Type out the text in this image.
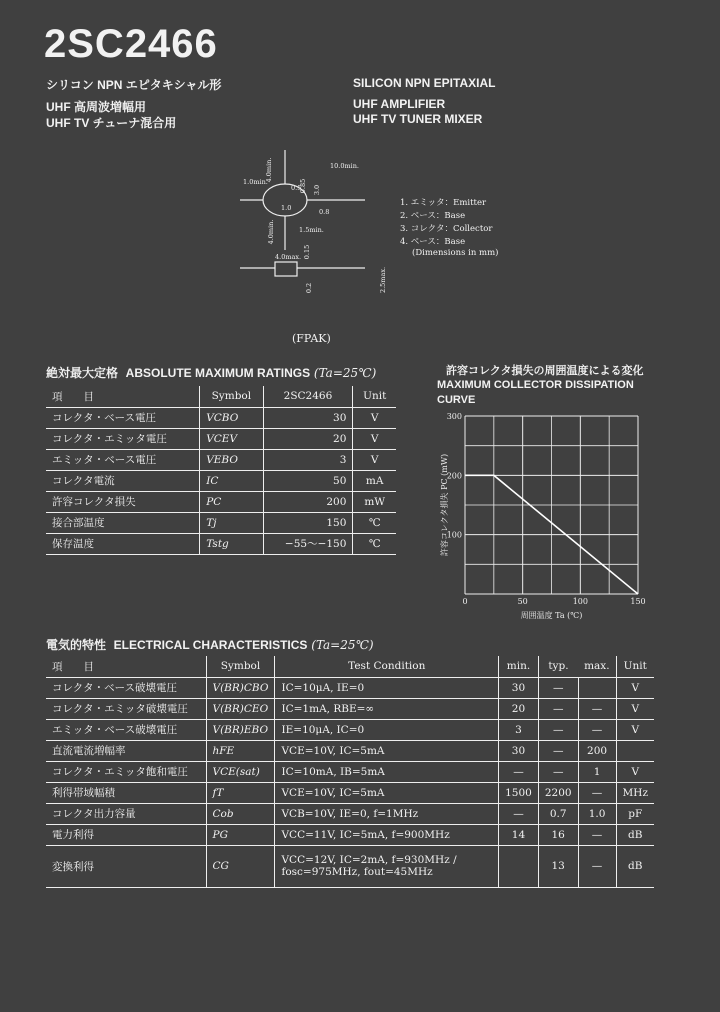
2SC2466
シリコン NPN エピタキシャル形
UHF 高周波増幅用
UHF TV チューナ混合用
SILICON NPN EPITAXIAL
UHF AMPLIFIER
UHF TV TUNER MIXER
10.0min.
4.0min.
1.0min.
4.0min.	1.5min.
4.0max.
2.5max.
0.5
0.85 3.0
0.8
0.15
1.0
0.2
1. エミッタ：Emitter
2. ベース：Base
3. コレクタ：Collector
4. ベース：Base
(Dimensions in mm)
(FPAK)
絶対最大定格 ABSOLUTE MAXIMUM RATINGS (Ta=25℃)
項　　目	Symbol	2SC2466	Unit
コレクタ・ベース電圧	VCBO	30	V
コレクタ・エミッタ電圧	VCEV	20	V
エミッタ・ベース電圧	VEBO	3	V
コレクタ電流	IC	50	mA
許容コレクタ損失	PC	200	mW
接合部温度	Tj	150	℃
保存温度	Tstg	−55～−150	℃
許容コレクタ損失の周囲温度による変化
MAXIMUM COLLECTOR DISSIPATION CURVE
0	50	100	150
100
200
300
周囲温度 Ta (℃)
許容コレクタ損失 PC (mW)
電気的特性 ELECTRICAL CHARACTERISTICS (Ta=25℃)
項　　目	Symbol	Test Condition	min.	typ.	max.	Unit
コレクタ・ベース破壊電圧	V(BR)CBO	IC=10μA, IE=0	30	—		V
コレクタ・エミッタ破壊電圧	V(BR)CEO	IC=1mA, RBE=∞	20	—	—	V
エミッタ・ベース破壊電圧	V(BR)EBO	IE=10μA, IC=0	3	—	—	V
直流電流増幅率	hFE	VCE=10V, IC=5mA	30	—	200	
コレクタ・エミッタ飽和電圧	VCE(sat)	IC=10mA, IB=5mA	—	—	1	V
利得帯域幅積	fT	VCE=10V, IC=5mA	1500	2200	—	MHz
コレクタ出力容量	Cob	VCB=10V, IE=0, f=1MHz	—	0.7	1.0	pF
電力利得	PG	VCC=11V, IC=5mA, f=900MHz	14	16	—	dB
変換利得	CG	VCC=12V, IC=2mA, f=930MHz / fosc=975MHz, fout=45MHz		13	—	dB
